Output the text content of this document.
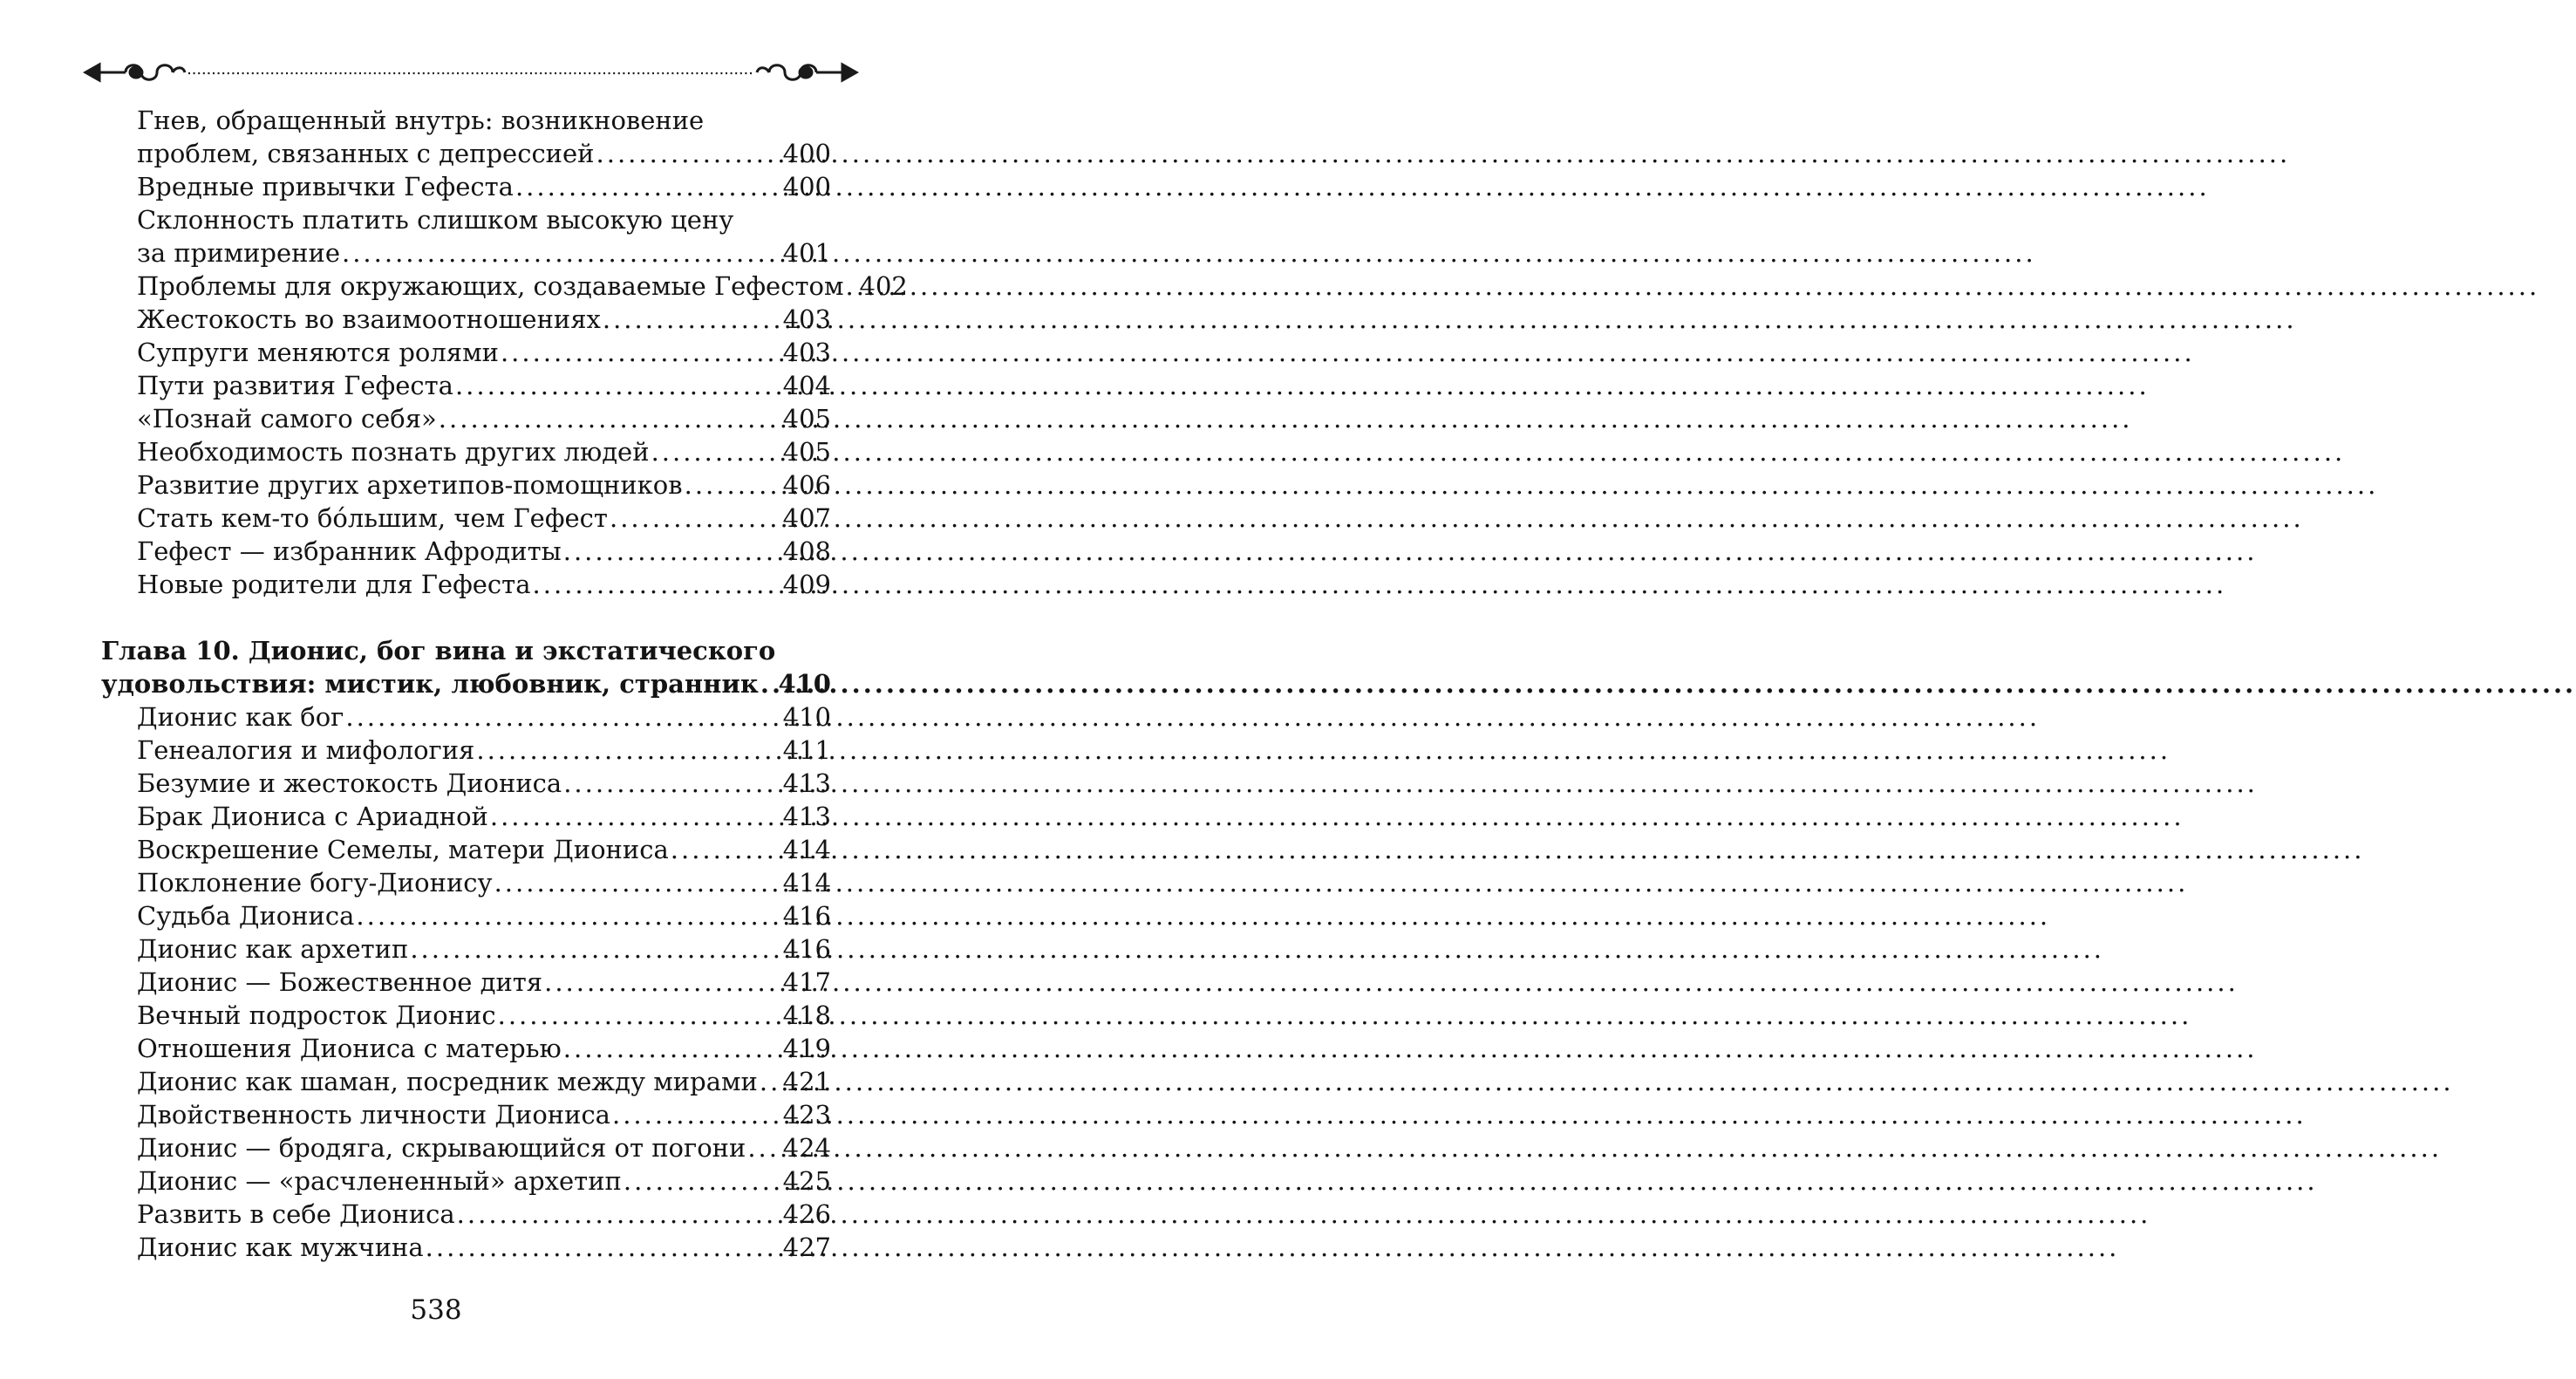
Гнев, обращенный внутрь: возникновение
проблем, связанных с депрессией .....	400
Вредные привычки Гефеста .....	400
Склонность платить слишком высокую цену
за примирение .....	401
Проблемы для окружающих, создаваемые Гефестом ..... 402
Жестокость во взаимоотношениях .....	403
Супруги меняются ролями .....	403
Пути развития Гефеста .....	404
«Познай самого себя» .....	405
Необходимость познать других людей .....	405
Развитие других архетипов-помощников .....	406
Стать кем-то бóльшим, чем Гефест .....	407
Гефест — избранник Афродиты .....	408
Новые родители для Гефеста .....	409
Глава 10. Дионис, бог вина и экстатического
удовольствия: мистик, любовник, странник ..... 410
Дионис как бог .....	410
Генеалогия и мифология .....	411
Безумие и жестокость Диониса .....	413
Брак Диониса с Ариадной .....	413
Воскрешение Семелы, матери Диониса .....	414
Поклонение богу-Дионису .....	414
Судьба Диониса .....	416
Дионис как архетип .....	416
Дионис — Божественное дитя .....	417
Вечный подросток Дионис .....	418
Отношения Диониса с матерью .....	419
Дионис как шаман, посредник между мирами ..... 421
Двойственность личности Диониса .....	423
Дионис — бродяга, скрывающийся от погони ..... 424
Дионис — «расчлененный» архетип .....	425
Развить в себе Диониса .....	426
Дионис как мужчина .....	427
538
